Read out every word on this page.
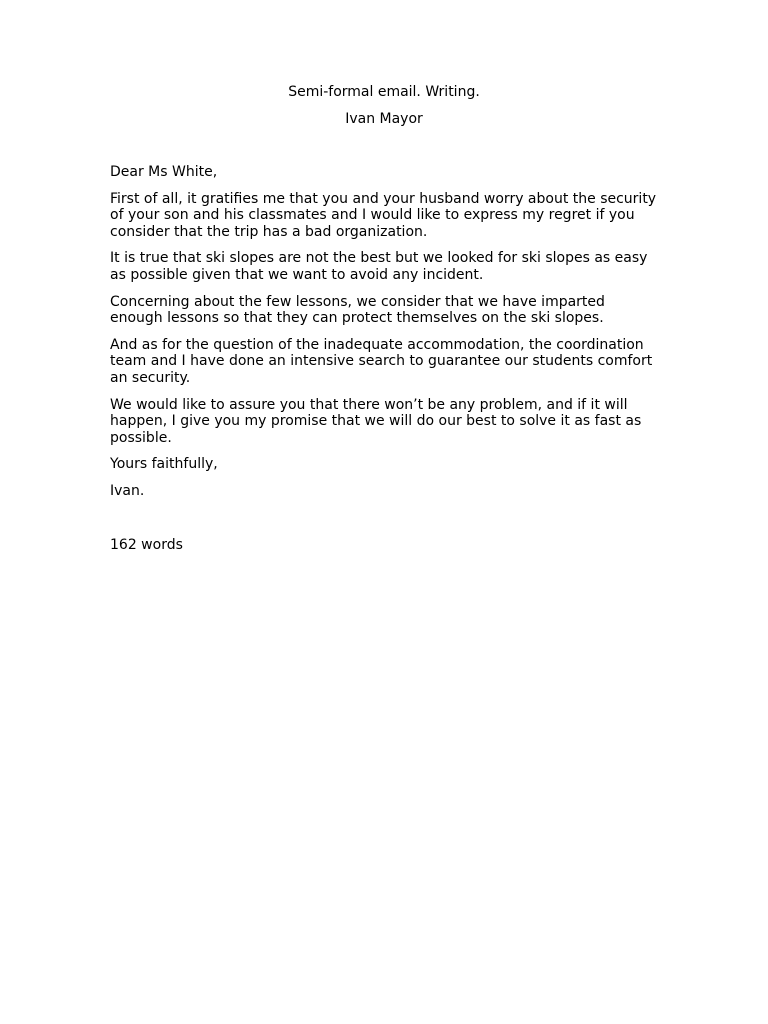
Semi-formal email. Writing.
Ivan Mayor

Dear Ms White,

First of all, it gratifies me that you and your husband worry about the security of your son and his classmates and I would like to express my regret if you consider that the trip has a bad organization.

It is true that ski slopes are not the best but we looked for ski slopes as easy as possible given that we want to avoid any incident.

Concerning about the few lessons, we consider that we have imparted enough lessons so that they can protect themselves on the ski slopes.

And as for the question of the inadequate accommodation, the coordination team and I have done an intensive search to guarantee our students comfort an security.

We would like to assure you that there won’t be any problem, and if it will happen, I give you my promise that we will do our best to solve it as fast as possible.

Yours faithfully,

Ivan.

162 words
